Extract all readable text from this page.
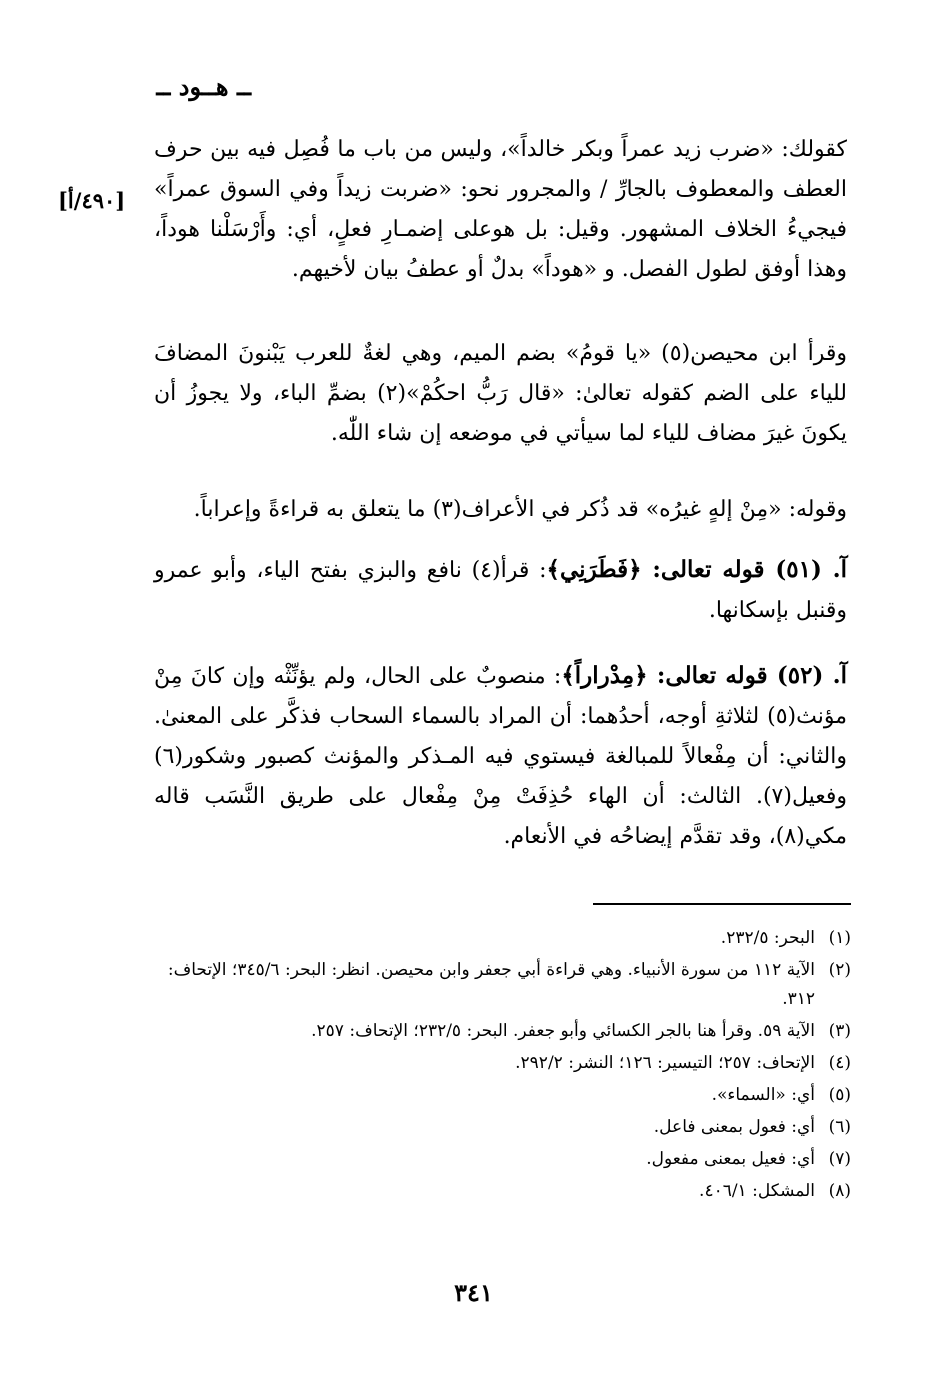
ــ هــود ــ
[٤٩٠/أ]

كقولك: «ضرب زيد عمراً وبكر خالداً»، وليس من باب ما فُصِل فيه بين حرف العطف والمعطوف بالجارِّ / والمجرور نحو: «ضربت زيداً وفي السوق عمراً» فيجيءُ الخلاف المشهور. وقيل: بل هوعلى إضمـارِ فعلٍ، أي: وأَرْسَلْنا هوداً، وهذا أوفق لطول الفصل. و «هوداً» بدلٌ أو عطفُ بيان لأخيهم.

وقرأ ابن محيصن(٥) «يا قومُ» بضم الميم، وهي لغةٌ للعرب يَبْنونَ المضافَ للياء على الضم كقوله تعالىٰ: «قال رَبُّ احكُمْ»(٢) بضمِّ الباء، ولا يجوزُ أن يكونَ غيرَ مضاف للياء لما سيأتي في موضعه إن شاء اللّٰه.

وقوله: «مِنْ إلهٍ غيرُه» قد ذُكر في الأعراف(٣) ما يتعلق به قراءةً وإعراباً.

آ. (٥١) قوله تعالى: ﴿فَطَرَنِي﴾: قرأ(٤) نافع والبزي بفتح الياء، وأبو عمرو وقنبل بإسكانها.

آ. (٥٢) قوله تعالى: ﴿مِدْراراً﴾: منصوبٌ على الحال، ولم يؤنِّثْه وإن كانَ مِنْ مؤنث(٥) لثلاثةِ أوجه، أحدُهما: أن المراد بالسماء السحاب فذكَّر على المعنىٰ. والثاني: أن مِفْعالاً للمبالغة فيستوي فيه المـذكر والمؤنث كصبور وشكور(٦) وفعيل(٧). الثالث: أن الهاء حُذِفَتْ مِنْ مِفْعال على طريق النَّسَب قاله مكي(٨)، وقد تقدَّم إيضاحُه في الأنعام.

(١)
البحر: ٢٣٢/٥.
(٢)
الآية ١١٢ من سورة الأنبياء. وهي قراءة أبي جعفر وابن محيصن. انظر: البحر: ٣٤٥/٦؛ الإتحاف: ٣١٢.
(٣)
الآية ٥٩. وقرأ هنا بالجر الكسائي وأبو جعفر. البحر: ٢٣٢/٥؛ الإتحاف: ٢٥٧.
(٤)
الإتحاف: ٢٥٧؛ التيسير: ١٢٦؛ النشر: ٢٩٢/٢.
(٥)
أي: «السماء».
(٦)
أي: فعول بمعنى فاعل.
(٧)
أي: فعيل بمعنى مفعول.
(٨)
المشكل: ٤٠٦/١.
٣٤١
